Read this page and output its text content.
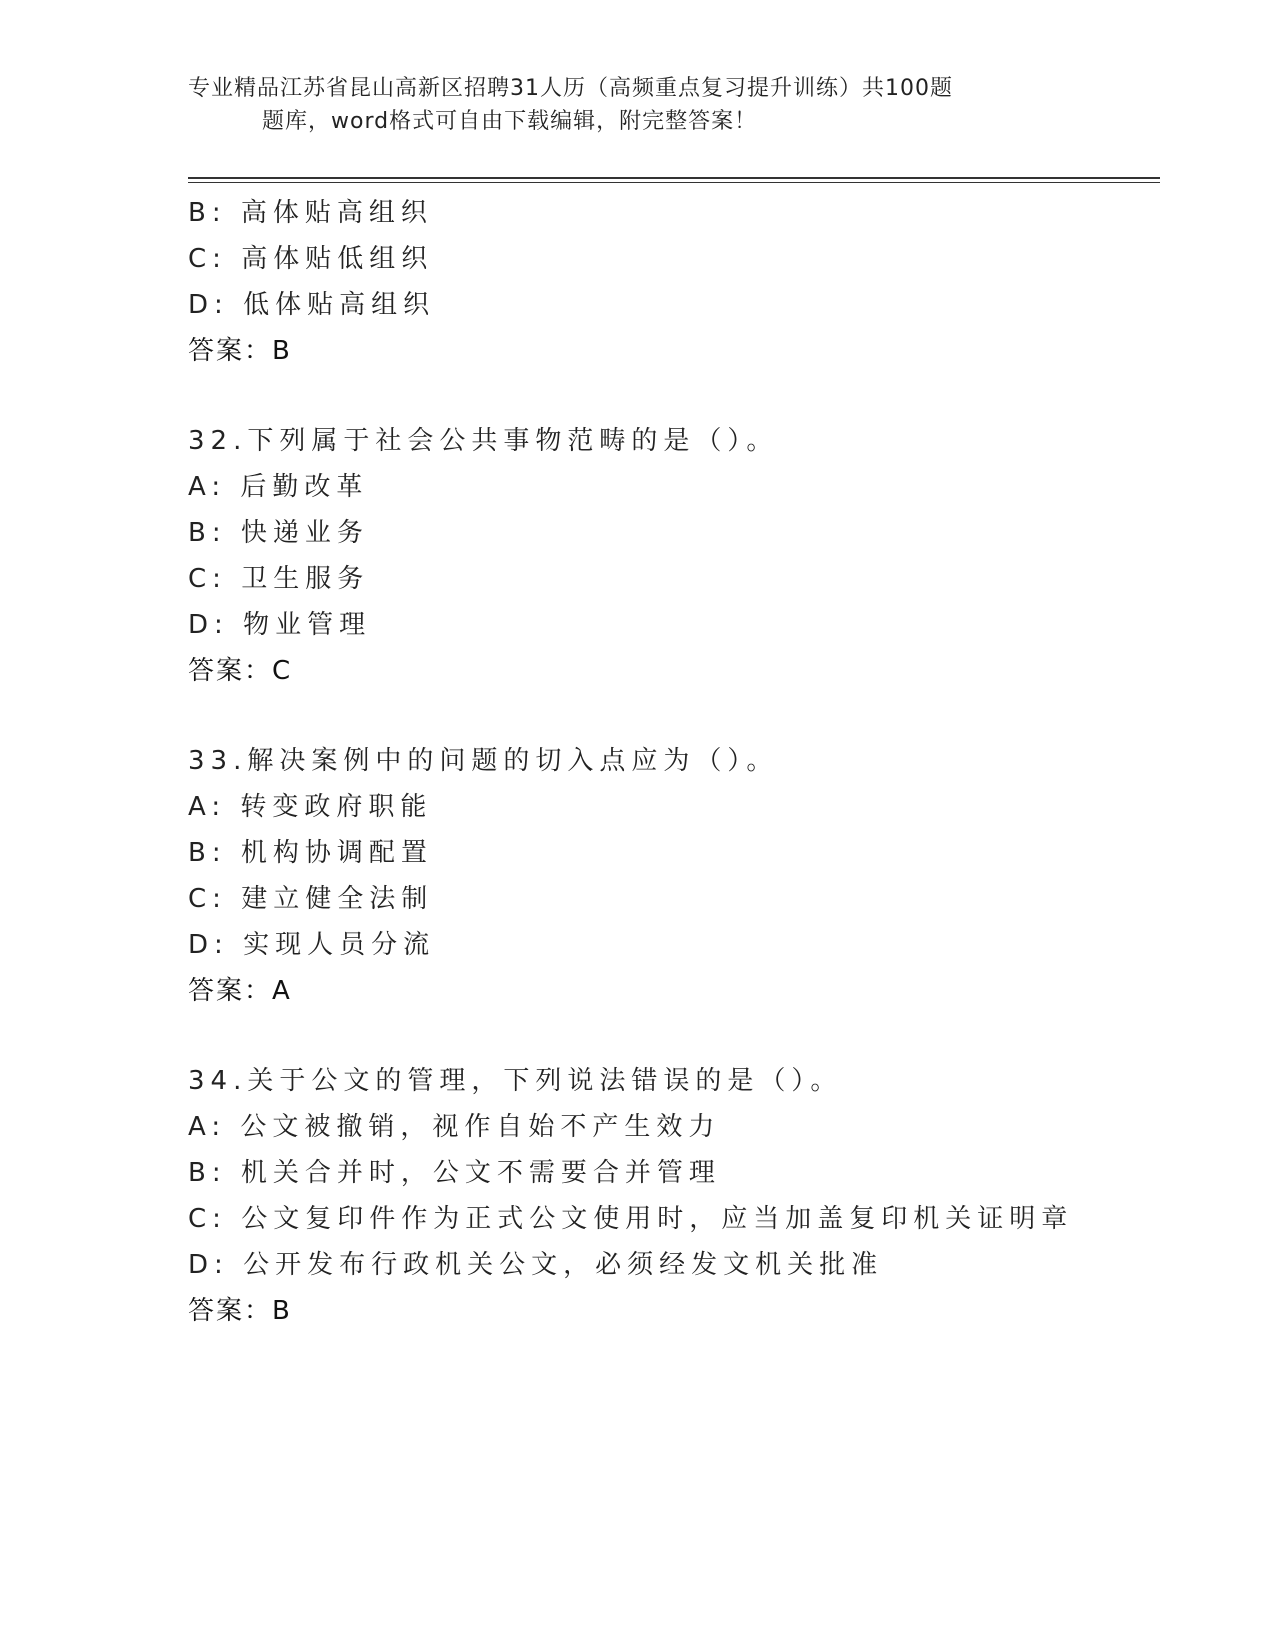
专业精品江苏省昆山高新区招聘31人历（高频重点复习提升训练）共100题
题库，word格式可自由下载编辑，附完整答案！
B: 高体贴高组织
C: 高体贴低组织
D: 低体贴高组织
答案：B
32.下列属于社会公共事物范畴的是（）。
A: 后勤改革
B: 快递业务
C: 卫生服务
D: 物业管理
答案：C
33.解决案例中的问题的切入点应为（）。
A: 转变政府职能
B: 机构协调配置
C: 建立健全法制
D: 实现人员分流
答案：A
34.关于公文的管理，下列说法错误的是（）。
A: 公文被撤销，视作自始不产生效力
B: 机关合并时，公文不需要合并管理
C: 公文复印件作为正式公文使用时，应当加盖复印机关证明章
D: 公开发布行政机关公文，必须经发文机关批准
答案：B
